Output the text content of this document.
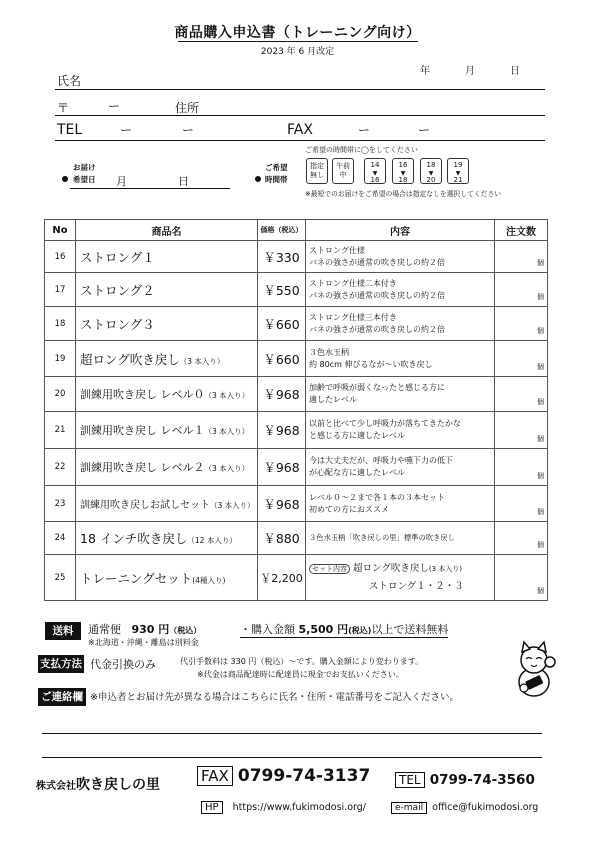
商品購入申込書（トレーニング向け）
2023 年 6 月改定
年	月	日
氏名
〒	ー	住所
TEL	ー	ー	FAX	ー	ー
お届け
希望日 月	日
ご希望
時間帯
ご希望の時間帯に◯をしてください
指定
無し
午前
中
14
▼
16
16
▼
18
18
▼
20
19
▼
21
※最短でのお届けをご希望の場合は指定なしを選択してください
No	商品名	価格（税込）	内容	注文数
16	ストロング１	￥330	ストロング仕様
バネの強さが通常の吹き戻しの約２倍	個
17	ストロング２	￥550	ストロング仕様二本付き
バネの強さが通常の吹き戻しの約２倍	個
18	ストロング３	￥660	ストロング仕様三本付き
バネの強さが通常の吹き戻しの約２倍	個
19	超ロング吹き戻し（3 本入り）	￥660	３色水玉柄
約 80cm 伸びるなが〜い吹き戻し	個
20	訓練用吹き戻し レベル０（3 本入り）	￥968	加齢で呼吸が弱くなったと感じる方に
適したレベル	個
21	訓練用吹き戻し レベル１（3 本入り）	￥968	以前と比べて少し呼吸力が落ちてきたかな
と感じる方に適したレベル	個
22	訓練用吹き戻し レベル２（3 本入り）	￥968	今は大丈夫だが、呼吸力や嚥下力の低下
が心配な方に適したレベル	個
23	訓練用吹き戻しお試しセット（3 本入り）	￥968	レベル０〜２まで各１本の３本セット
初めての方におススメ	個
24	18 インチ吹き戻し（12 本入り）	￥880	３色水玉柄「吹き戻しの里」標準の吹き戻し	個
25	トレーニングセット(4種入り)	￥2,200	セット内容 超ロング吹き戻し(3 本入り)
ストロング１・２・３	個
送料	通常便 930 円（税込）	・購入金額 5,500 円(税込)以上で送料無料
※北海道・沖縄・離島は別料金
支払方法 代金引換のみ	代引手数料は 330 円（税込）〜です。購入金額により変わります。
※代金は商品配達時に配達員に現金でお支払いください。
ご連絡欄 ※申込者とお届け先が異なる場合はこちらに氏名・住所・電話番号をご記入ください。
株式会社吹き戻しの里	FAX 0799-74-3137	TEL 0799-74-3560
HP https://www.fukimodosi.org/	e-mail office@fukimodosi.org
